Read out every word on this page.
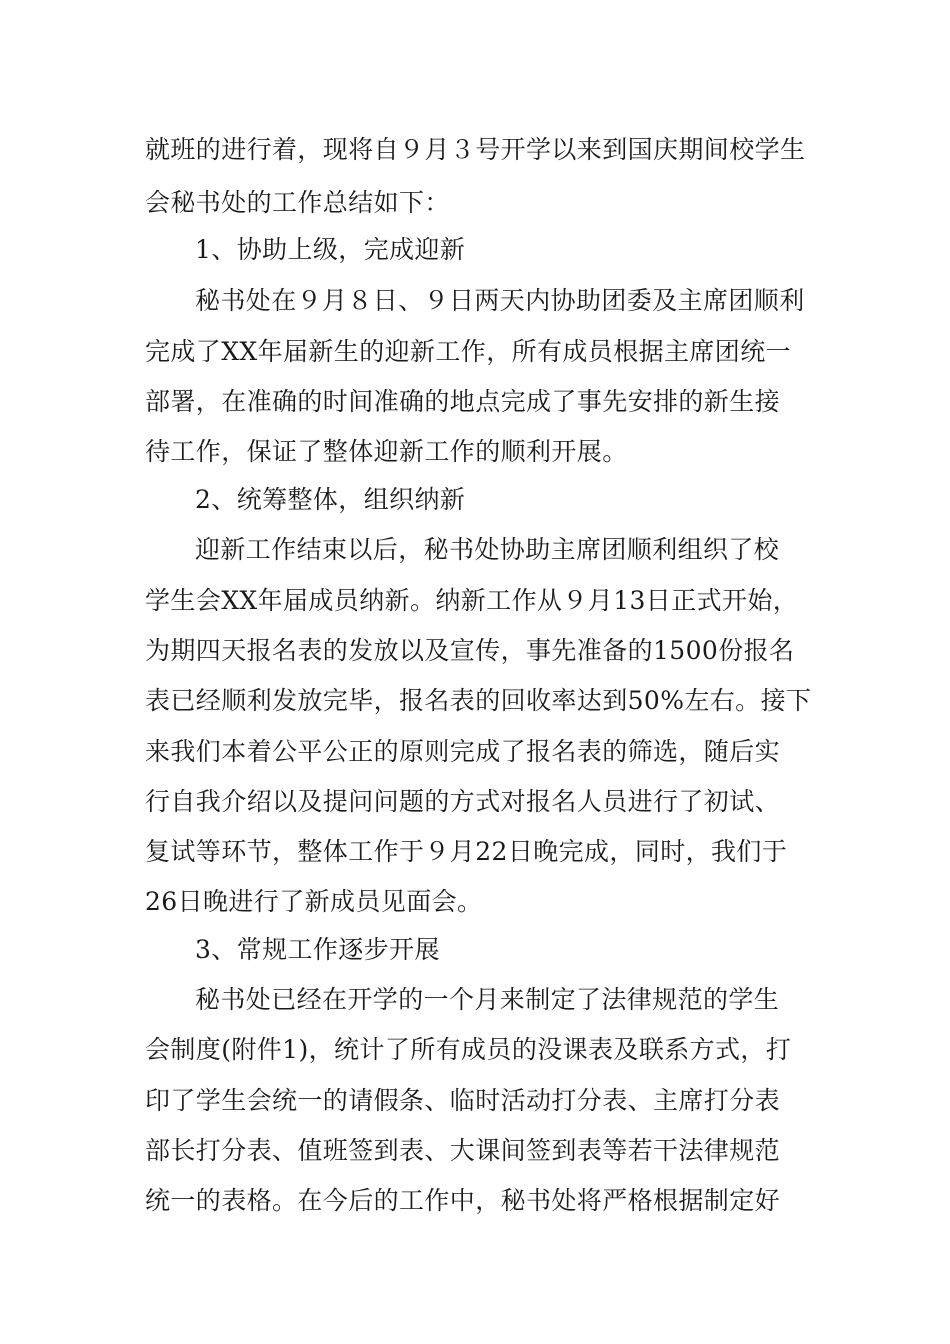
就班的进行着，现将自９月３号开学以来到国庆期间校学生
会秘书处的工作总结如下：
1、协助上级，完成迎新
秘书处在９月８日、９日两天内协助团委及主席团顺利
完成了XX年届新生的迎新工作，所有成员根据主席团统一
部署，在准确的时间准确的地点完成了事先安排的新生接
待工作，保证了整体迎新工作的顺利开展。
2、统筹整体，组织纳新
迎新工作结束以后，秘书处协助主席团顺利组织了校
学生会XX年届成员纳新。纳新工作从９月13日正式开始，
为期四天报名表的发放以及宣传，事先准备的1500份报名
表已经顺利发放完毕，报名表的回收率达到50%左右。接下
来我们本着公平公正的原则完成了报名表的筛选，随后实
行自我介绍以及提问问题的方式对报名人员进行了初试、
复试等环节，整体工作于９月22日晚完成，同时，我们于
26日晚进行了新成员见面会。
3、常规工作逐步开展
秘书处已经在开学的一个月来制定了法律规范的学生
会制度(附件1)，统计了所有成员的没课表及联系方式，打
印了学生会统一的请假条、临时活动打分表、主席打分表
部长打分表、值班签到表、大课间签到表等若干法律规范
统一的表格。在今后的工作中，秘书处将严格根据制定好
